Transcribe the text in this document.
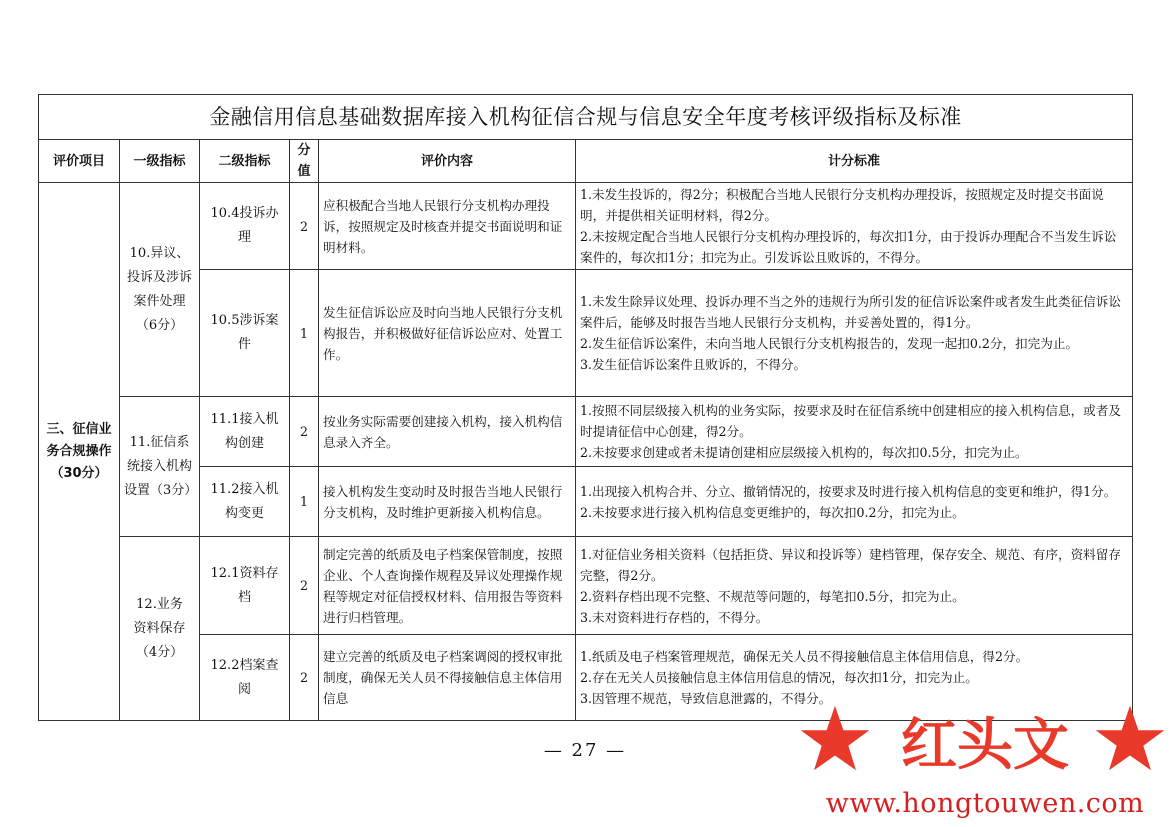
金融信用信息基础数据库接入机构征信合规与信息安全年度考核评级指标及标准					
评价项目	一级指标	二级指标	分值	评价内容	计分标准
三、征信业务合规操作（30分）	10.异议、投诉及涉诉案件处理（6分）	10.4投诉办理	2	应积极配合当地人民银行分支机构办理投诉，按照规定及时核查并提交书面说明和证明材料。	1.未发生投诉的，得2分；积极配合当地人民银行分支机构办理投诉，按照规定及时提交书面说明，并提供相关证明材料，得2分。
2.未按规定配合当地人民银行分支机构办理投诉的，每次扣1分，由于投诉办理配合不当发生诉讼案件的，每次扣1分；扣完为止。引发诉讼且败诉的，不得分。

		10.5涉诉案件	1	发生征信诉讼应及时向当地人民银行分支机构报告，并积极做好征信诉讼应对、处置工作。	1.未发生除异议处理、投诉办理不当之外的违规行为所引发的征信诉讼案件或者发生此类征信诉讼案件后，能够及时报告当地人民银行分支机构，并妥善处置的，得1分。
2.发生征信诉讼案件，未向当地人民银行分支机构报告的，发现一起扣0.2分，扣完为止。
3.发生征信诉讼案件且败诉的，不得分。

	11.征信系统接入机构设置（3分）	11.1接入机构创建	2	按业务实际需要创建接入机构，接入机构信息录入齐全。	1.按照不同层级接入机构的业务实际，按要求及时在征信系统中创建相应的接入机构信息，或者及时提请征信中心创建，得2分。
2.未按要求创建或者未提请创建相应层级接入机构的，每次扣0.5分，扣完为止。

		11.2接入机构变更	1	接入机构发生变动时及时报告当地人民银行分支机构，及时维护更新接入机构信息。	1.出现接入机构合并、分立、撤销情况的，按要求及时进行接入机构信息的变更和维护，得1分。
2.未按要求进行接入机构信息变更维护的，每次扣0.2分，扣完为止。

	12.业务资料保存（4分）	12.1资料存档	2	制定完善的纸质及电子档案保管制度，按照企业、个人查询操作规程及异议处理操作规程等规定对征信授权材料、信用报告等资料进行归档管理。	1.对征信业务相关资料（包括拒贷、异议和投诉等）建档管理，保存安全、规范、有序，资料留存完整，得2分。
2.资料存档出现不完整、不规范等问题的，每笔扣0.5分，扣完为止。
3.未对资料进行存档的，不得分。

		12.2档案查阅	2	建立完善的纸质及电子档案调阅的授权审批制度，确保无关人员不得接触信息主体信用信息	1.纸质及电子档案管理规范，确保无关人员不得接触信息主体信用信息，得2分。
2.存在无关人员接触信息主体信用信息的情况，每次扣1分，扣完为止。
3.因管理不规范，导致信息泄露的，不得分。
— 27 —	红头文
www.hongtouwen.com
